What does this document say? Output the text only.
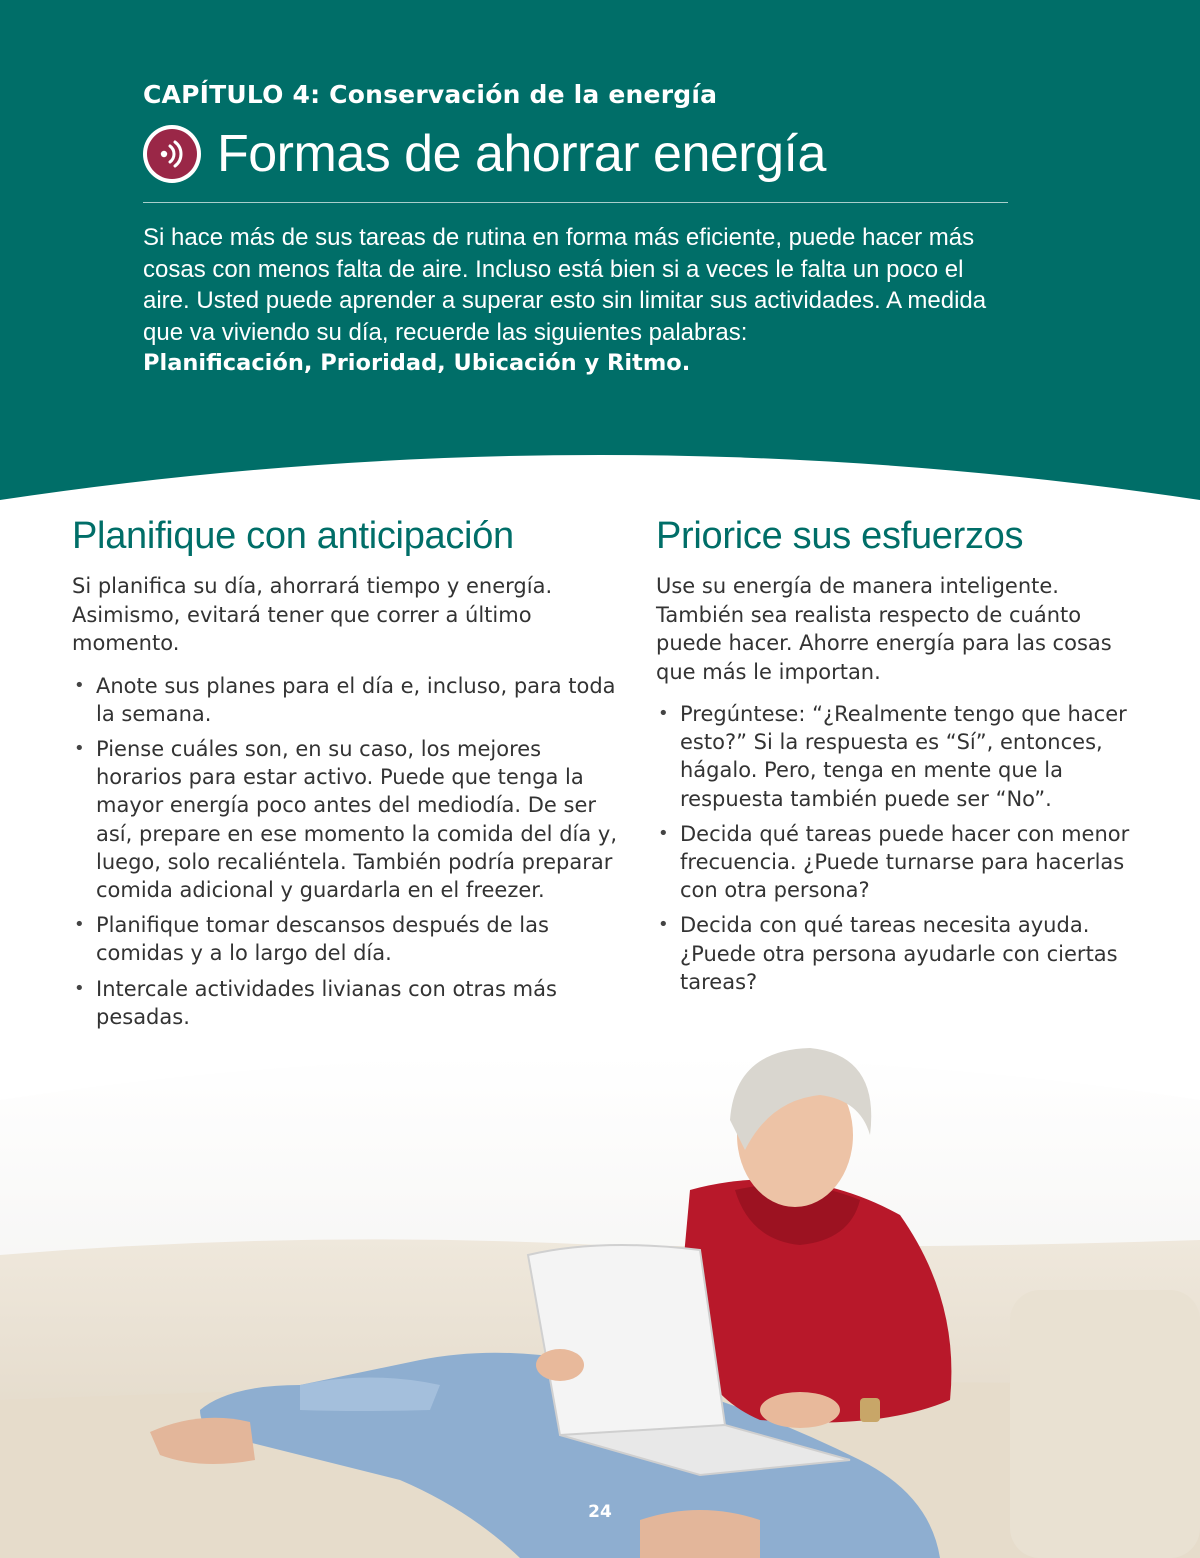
CAPÍTULO 4: Conservación de la energía
Formas de ahorrar energía
Si hace más de sus tareas de rutina en forma más eficiente, puede hacer más cosas con menos falta de aire. Incluso está bien si a veces le falta un poco el aire. Usted puede aprender a superar esto sin limitar sus actividades. A medida que va viviendo su día, recuerde las siguientes palabras:
Planificación, Prioridad, Ubicación y Ritmo.
Planifique con anticipación

Si planifica su día, ahorrará tiempo y energía. Asimismo, evitará tener que correr a último momento.

• Anote sus planes para el día e, incluso, para toda la semana.
• Piense cuáles son, en su caso, los mejores horarios para estar activo. Puede que tenga la mayor energía poco antes del mediodía. De ser así, prepare en ese momento la comida del día y, luego, solo recaliéntela. También podría preparar comida adicional y guardarla en el freezer.
• Planifique tomar descansos después de las comidas y a lo largo del día.
• Intercale actividades livianas con otras más pesadas.
Priorice sus esfuerzos

Use su energía de manera inteligente. También sea realista respecto de cuánto puede hacer. Ahorre energía para las cosas que más le importan.

• Pregúntese: “¿Realmente tengo que hacer esto?” Si la respuesta es “Sí”, entonces, hágalo. Pero, tenga en mente que la respuesta también puede ser “No”.
• Decida qué tareas puede hacer con menor frecuencia. ¿Puede turnarse para hacerlas con otra persona?
• Decida con qué tareas necesita ayuda. ¿Puede otra persona ayudarle con ciertas tareas?
24
